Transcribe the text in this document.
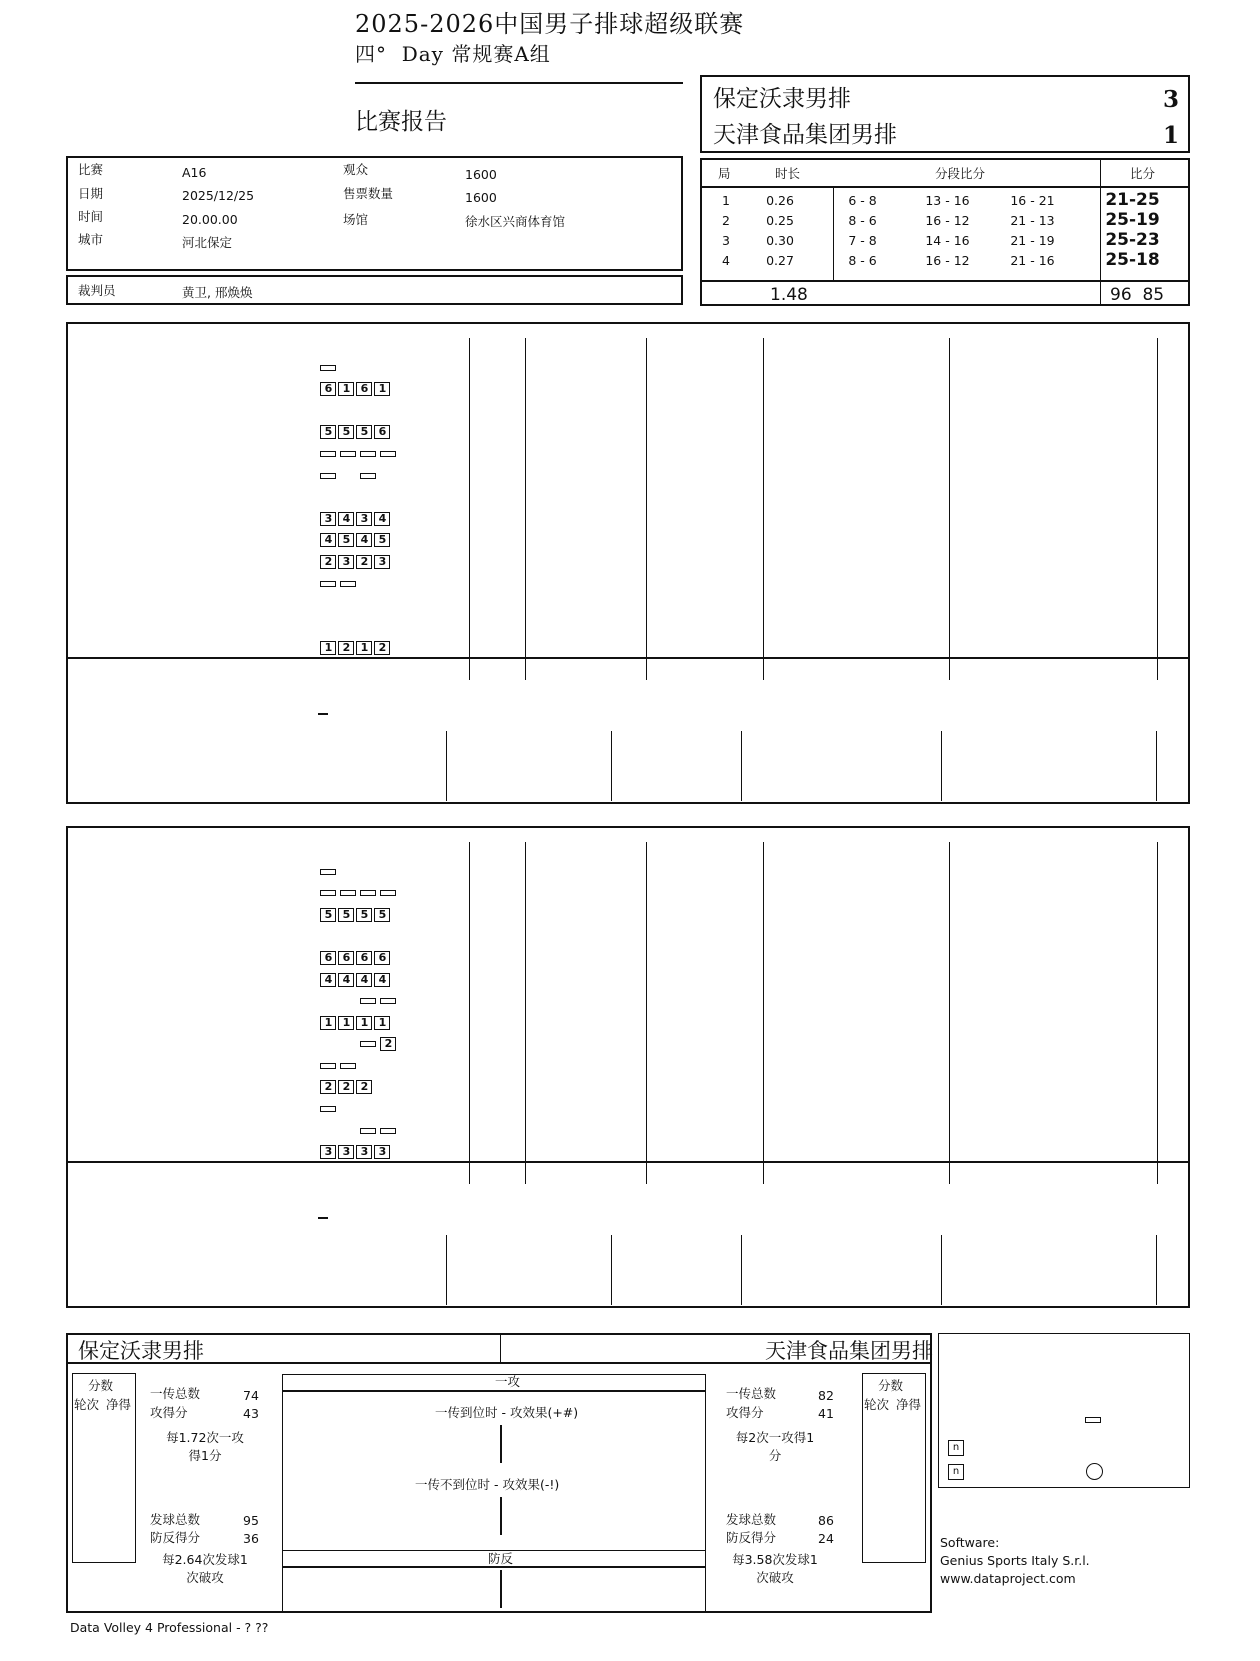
2025-2026中国男子排球超级联赛
四°  Day 常规赛A组
比赛报告
保定沃隶男排
天津食品集团男排
3
1
比赛	A16
日期	2025/12/25
时间	20.00.00
城市	河北保定
观众	1600
售票数量	1600
场馆	徐水区兴商体育馆
裁判员	黄卫, 邢焕焕
局	时长	分段比分	比分
1	0.26	6 - 8	13 - 16	16 - 21	21-25
2	0.25	8 - 6	16 - 12	21 - 13	25-19
3	0.30	7 - 8	14 - 16	21 - 19	25-23
4	0.27	8 - 6	16 - 12	21 - 16	25-18
1.48	96  85

			6 1 6 1																		

			5 5 5 6																		

			3 4 3 4																		
			4 5 4 5																		
			2 3 2 3																		

			1 2 1 2																		

			5 5 5 5																		

			6 6 6 6																		
			4 4 4 4																		

			1 1 1 1																		
			2																		

			2 2 2																		

			3 3 3 3																		

保定沃隶男排	天津食品集团男排
分数
轮次 净得
分数
轮次 净得
一传总数	74
攻得分	43
每1.72次一攻得1分
发球总数	95
防反得分	36
每2.64次发球1次破攻
一传总数	82
攻得分	41
每2次一攻得1分
发球总数	86
防反得分	24
每3.58次发球1次破攻
一攻
一传到位时 - 攻效果(+#)
一传不到位时 - 攻效果(-!)

防反

n
n
Software:
Genius Sports Italy S.r.l.
www.dataproject.com
Data Volley 4 Professional - ? ??
